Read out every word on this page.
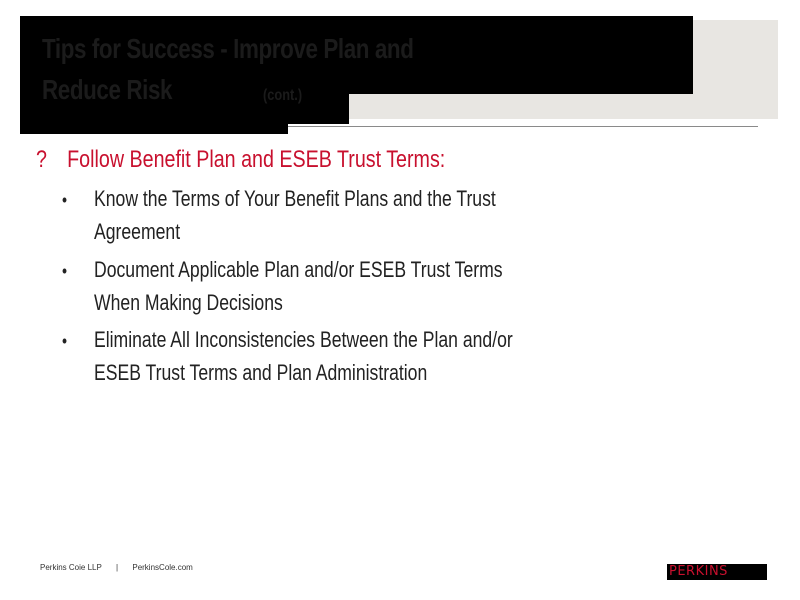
Tips for Success - Improve Plan and
Reduce Risk	(cont.)
? Follow Benefit Plan and ESEB Trust Terms:
• Know the Terms of Your Benefit Plans and the Trust
Agreement
• Document Applicable Plan and/or ESEB Trust Terms
When Making Decisions
• Eliminate All Inconsistencies Between the Plan and/or
ESEB Trust Terms and Plan Administration
Perkins Coie LLP | PerkinsCole.com	PERKINS
